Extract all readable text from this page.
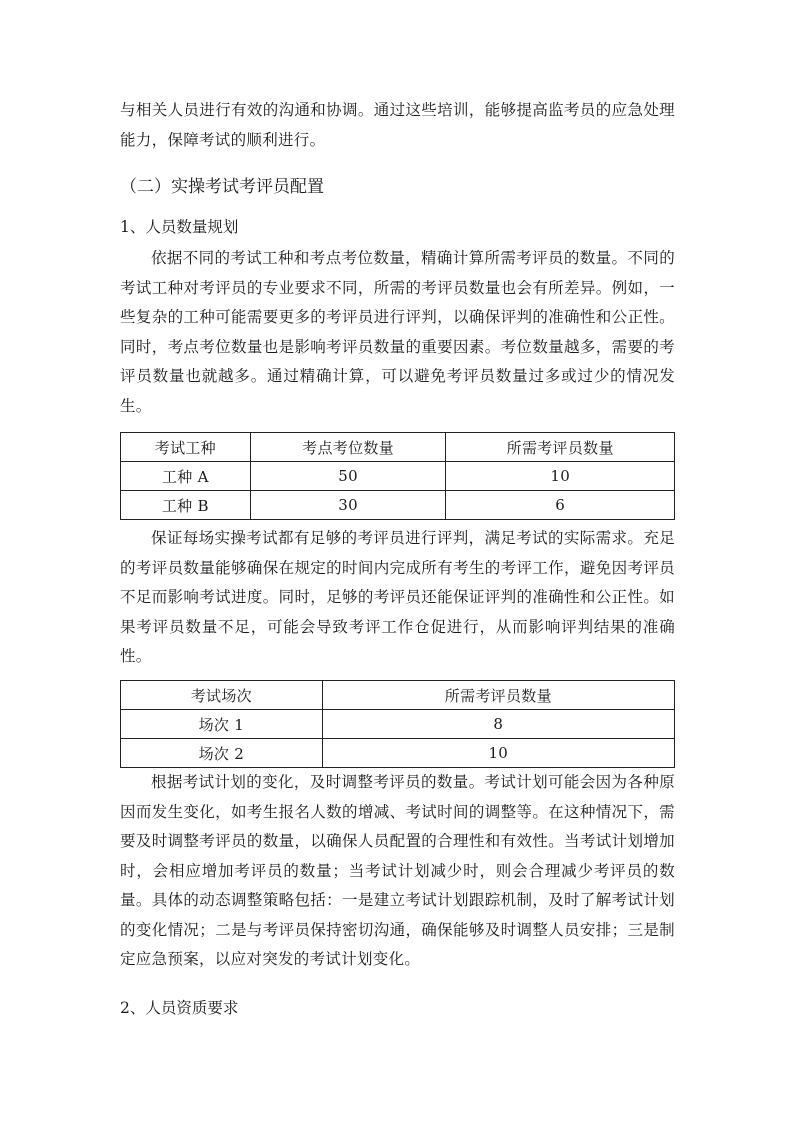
与相关人员进行有效的沟通和协调。通过这些培训，能够提高监考员的应急处理能力，保障考试的顺利进行。

（二）实操考试考评员配置
1、人员数量规划

依据不同的考试工种和考点考位数量，精确计算所需考评员的数量。不同的考试工种对考评员的专业要求不同，所需的考评员数量也会有所差异。例如，一些复杂的工种可能需要更多的考评员进行评判，以确保评判的准确性和公正性。同时，考点考位数量也是影响考评员数量的重要因素。考位数量越多，需要的考评员数量也就越多。通过精确计算，可以避免考评员数量过多或过少的情况发生。

考试工种	考点考位数量	所需考评员数量
工种 A	50	10
工种 B	30	6

保证每场实操考试都有足够的考评员进行评判，满足考试的实际需求。充足的考评员数量能够确保在规定的时间内完成所有考生的考评工作，避免因考评员不足而影响考试进度。同时，足够的考评员还能保证评判的准确性和公正性。如果考评员数量不足，可能会导致考评工作仓促进行，从而影响评判结果的准确性。

考试场次	所需考评员数量
场次 1	8
场次 2	10

根据考试计划的变化，及时调整考评员的数量。考试计划可能会因为各种原因而发生变化，如考生报名人数的增减、考试时间的调整等。在这种情况下，需要及时调整考评员的数量，以确保人员配置的合理性和有效性。当考试计划增加时，会相应增加考评员的数量；当考试计划减少时，则会合理减少考评员的数量。具体的动态调整策略包括：一是建立考试计划跟踪机制，及时了解考试计划的变化情况；二是与考评员保持密切沟通，确保能够及时调整人员安排；三是制定应急预案，以应对突发的考试计划变化。

2、人员资质要求
